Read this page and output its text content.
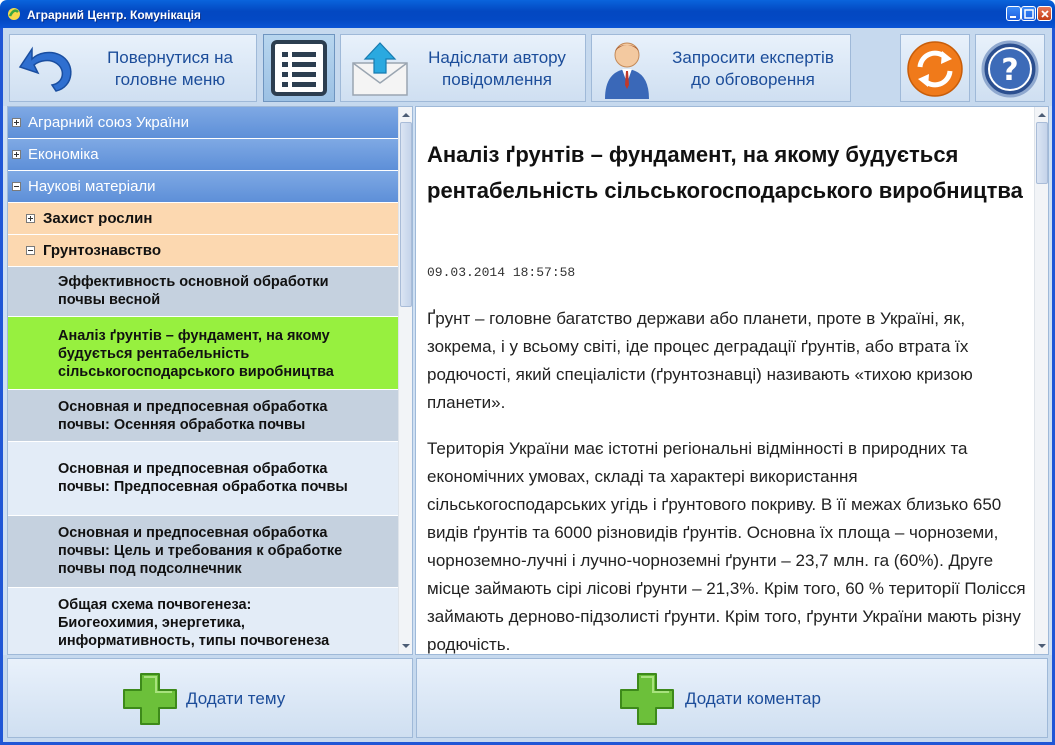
Аграрний Центр. Комунікація
Повернутися на
головне меню
Надіслати автору
повідомлення
Запросити експертів
до обговорення	?
Аграрний союз України
Економіка
Наукові матеріали
Захист рослин
Грунтознавство
Эффективность основной обработки
почвы весной
Аналіз ґрунтів – фундамент, на якому
будується рентабельність
сільськогосподарського виробництва
Основная и предпосевная обработка
почвы: Осенняя обработка почвы
Основная и предпосевная обработка
почвы: Предпосевная обработка почвы
Основная и предпосевная обработка
почвы: Цель и требования к обработке
почвы под подсолнечник
Общая схема почвогенеза:
Биогеохимия, энергетика,
информативность, типы почвогенеза
Аналіз ґрунтів – фундамент, на якому будується рентабельність сільськогосподарського виробництва
09.03.2014 18:57:58
Ґрунт – головне багатство держави або планети, проте в Україні, як, зокрема, і у всьому світі, іде процес деградації ґрунтів, або втрата їх родючості, який спеціалісти (ґрунтознавці) називають «тихою кризою планети».
Територія України має істотні регіональні відмінності в природних та економічних умовах, складі та характері використання сільськогосподарських угідь і ґрунтового покриву. В її межах близько 650 видів ґрунтів та 6000 різновидів ґрунтів. Основна їх площа – чорноземи, чорноземно-лучні і лучно-чорноземні ґрунти – 23,7 млн. га (60%). Друге місце займають сірі лісові ґрунти – 21,3%. Крім того, 60 % території Полісся займають дерново-підзолисті ґрунти. Крім того, ґрунти України мають різну родючість.
Додати тему	Додати коментар
